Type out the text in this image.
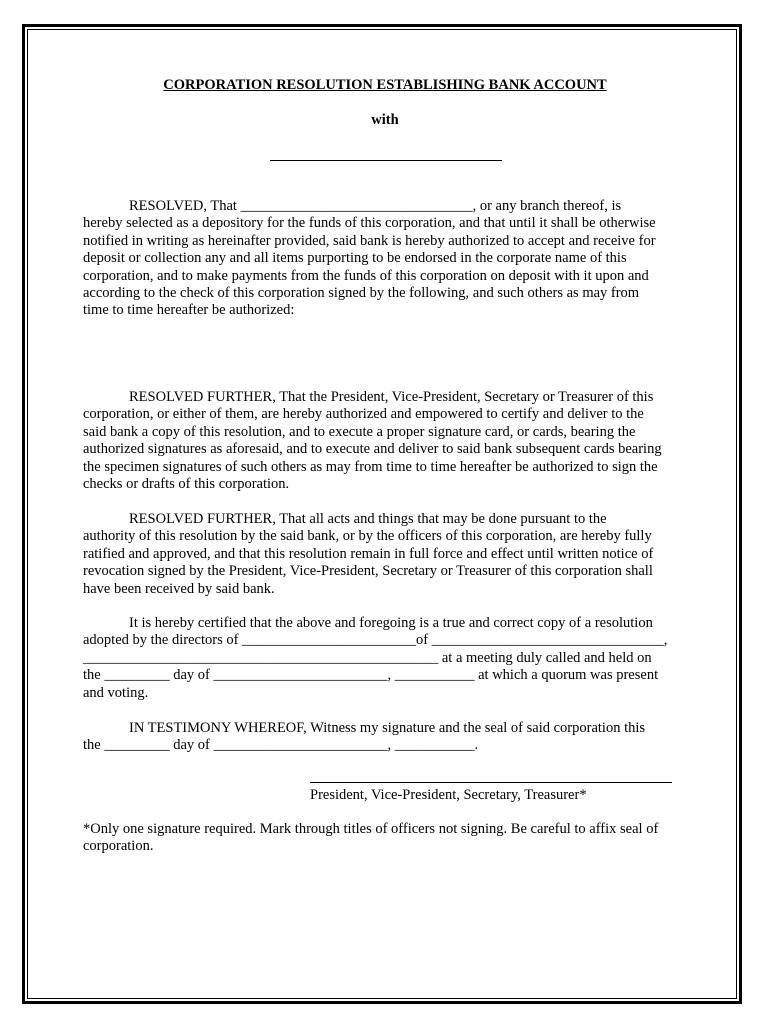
CORPORATION RESOLUTION ESTABLISHING BANK ACCOUNT
with
RESOLVED, That ________________________________, or any branch thereof, is
hereby selected as a depository for the funds of this corporation, and that until it shall be otherwise
notified in writing as hereinafter provided, said bank is hereby authorized to accept and receive for
deposit or collection any and all items purporting to be endorsed in the corporate name of this
corporation, and to make payments from the funds of this corporation on deposit with it upon and
according to the check of this corporation signed by the following, and such others as may from
time to time hereafter be authorized:
RESOLVED FURTHER, That the President, Vice-President, Secretary or Treasurer of this
corporation, or either of them, are hereby authorized and empowered to certify and deliver to the
said bank a copy of this resolution, and to execute a proper signature card, or cards, bearing the
authorized signatures as aforesaid, and to execute and deliver to said bank subsequent cards bearing
the specimen signatures of such others as may from time to time hereafter be authorized to sign the
checks or drafts of this corporation.
RESOLVED FURTHER, That all acts and things that may be done pursuant to the
authority of this resolution by the said bank, or by the officers of this corporation, are hereby fully
ratified and approved, and that this resolution remain in full force and effect until written notice of
revocation signed by the President, Vice-President, Secretary or Treasurer of this corporation shall
have been received by said bank.
It is hereby certified that the above and foregoing is a true and correct copy of a resolution
adopted by the directors of ________________________of ________________________________,
_________________________________________________ at a meeting duly called and held on
the _________ day of ________________________, ___________ at which a quorum was present
and voting.
IN TESTIMONY WHEREOF, Witness my signature and the seal of said corporation this
the _________ day of ________________________, ___________.
President, Vice-President, Secretary, Treasurer*
*Only one signature required. Mark through titles of officers not signing. Be careful to affix seal of
corporation.
